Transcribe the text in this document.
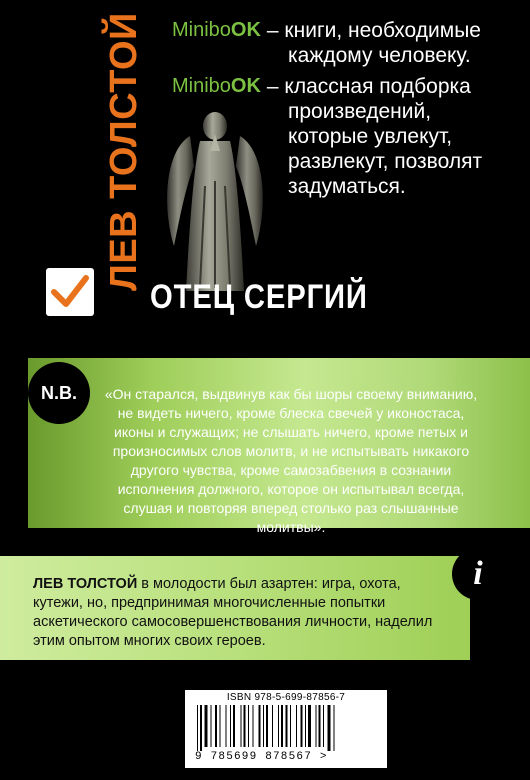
ЛЕВ ТОЛСТОЙ
ОТЕЦ СЕРГИЙ
MiniboOK – книги, необходимые
каждому человеку.
MiniboOK – классная подборка
произведений,
которые увлекут,
развлекут, позволят
задуматься.
N.B.	«Он старался, выдвинув как бы шоры своему вниманию, не видеть ничего, кроме блеска свечей у иконостаса, иконы и служащих; не слышать ничего, кроме петых и произносимых слов молитв, и не испытывать никакого другого чувства, кроме самозабвения в сознании исполнения должного, которое он испытывал всегда, слушая и повторяя вперед столько раз слышанные молитвы».
ЛЕВ ТОЛСТОЙ в молодости был азартен: игра, охота, кутежи, но, предпринимая многочисленные попытки аскетического самосовершенствования личности, наделил этим опытом многих своих героев.
i
ISBN 978-5-699-87856-7
9 785699 878567 >
